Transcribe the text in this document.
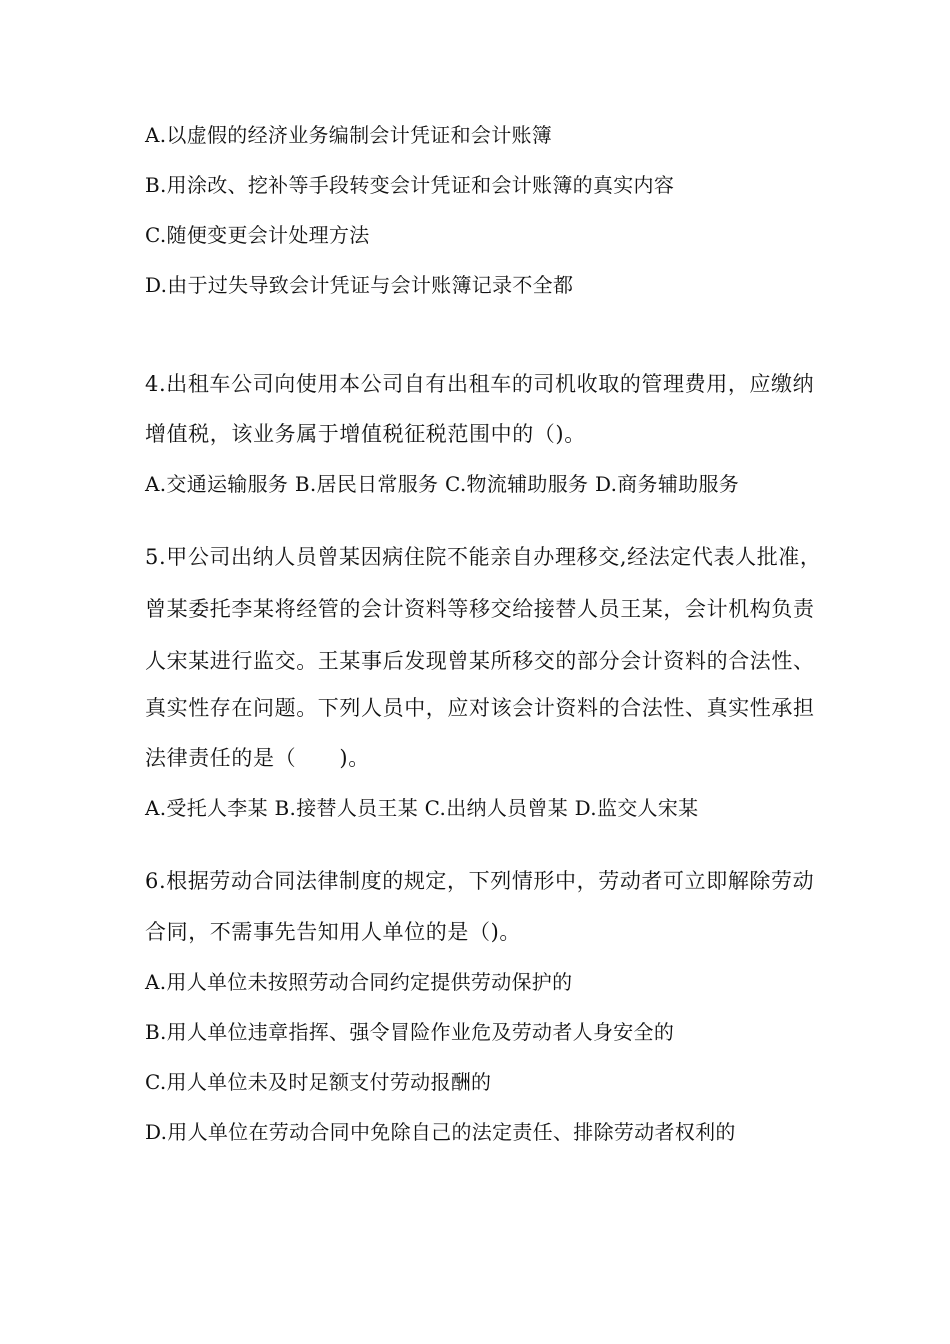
A.以虚假的经济业务编制会计凭证和会计账簿
B.用涂改、挖补等手段转变会计凭证和会计账簿的真实内容
C.随便变更会计处理方法
D.由于过失导致会计凭证与会计账簿记录不全都
4.出租车公司向使用本公司自有出租车的司机收取的管理费用，应缴纳
增值税，该业务属于增值税征税范围中的（)。
A.交通运输服务 B.居民日常服务 C.物流辅助服务 D.商务辅助服务
5.甲公司出纳人员曾某因病住院不能亲自办理移交,经法定代表人批准，
曾某委托李某将经管的会计资料等移交给接替人员王某，会计机构负责
人宋某进行监交。王某事后发现曾某所移交的部分会计资料的合法性、
真实性存在问题。下列人员中，应对该会计资料的合法性、真实性承担
法律责任的是（　　)。
A.受托人李某 B.接替人员王某 C.出纳人员曾某 D.监交人宋某
6.根据劳动合同法律制度的规定，下列情形中，劳动者可立即解除劳动
合同，不需事先告知用人单位的是（)。
A.用人单位未按照劳动合同约定提供劳动保护的
B.用人单位违章指挥、强令冒险作业危及劳动者人身安全的
C.用人单位未及时足额支付劳动报酬的
D.用人单位在劳动合同中免除自己的法定责任、排除劳动者权利的
